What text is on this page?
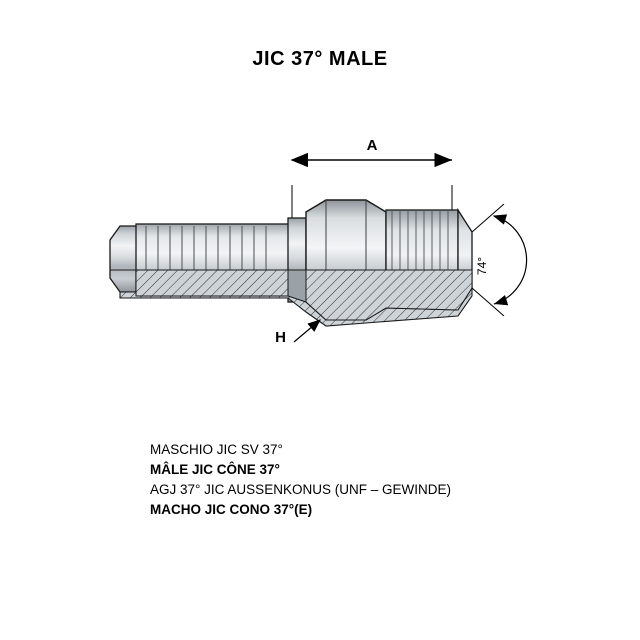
JIC 37° MALE
A
74°
H
MASCHIO JIC SV 37°
MÂLE JIC CÔNE 37°
AGJ 37° JIC AUSSENKONUS (UNF – GEWINDE)
MACHO JIC CONO 37°(E)
